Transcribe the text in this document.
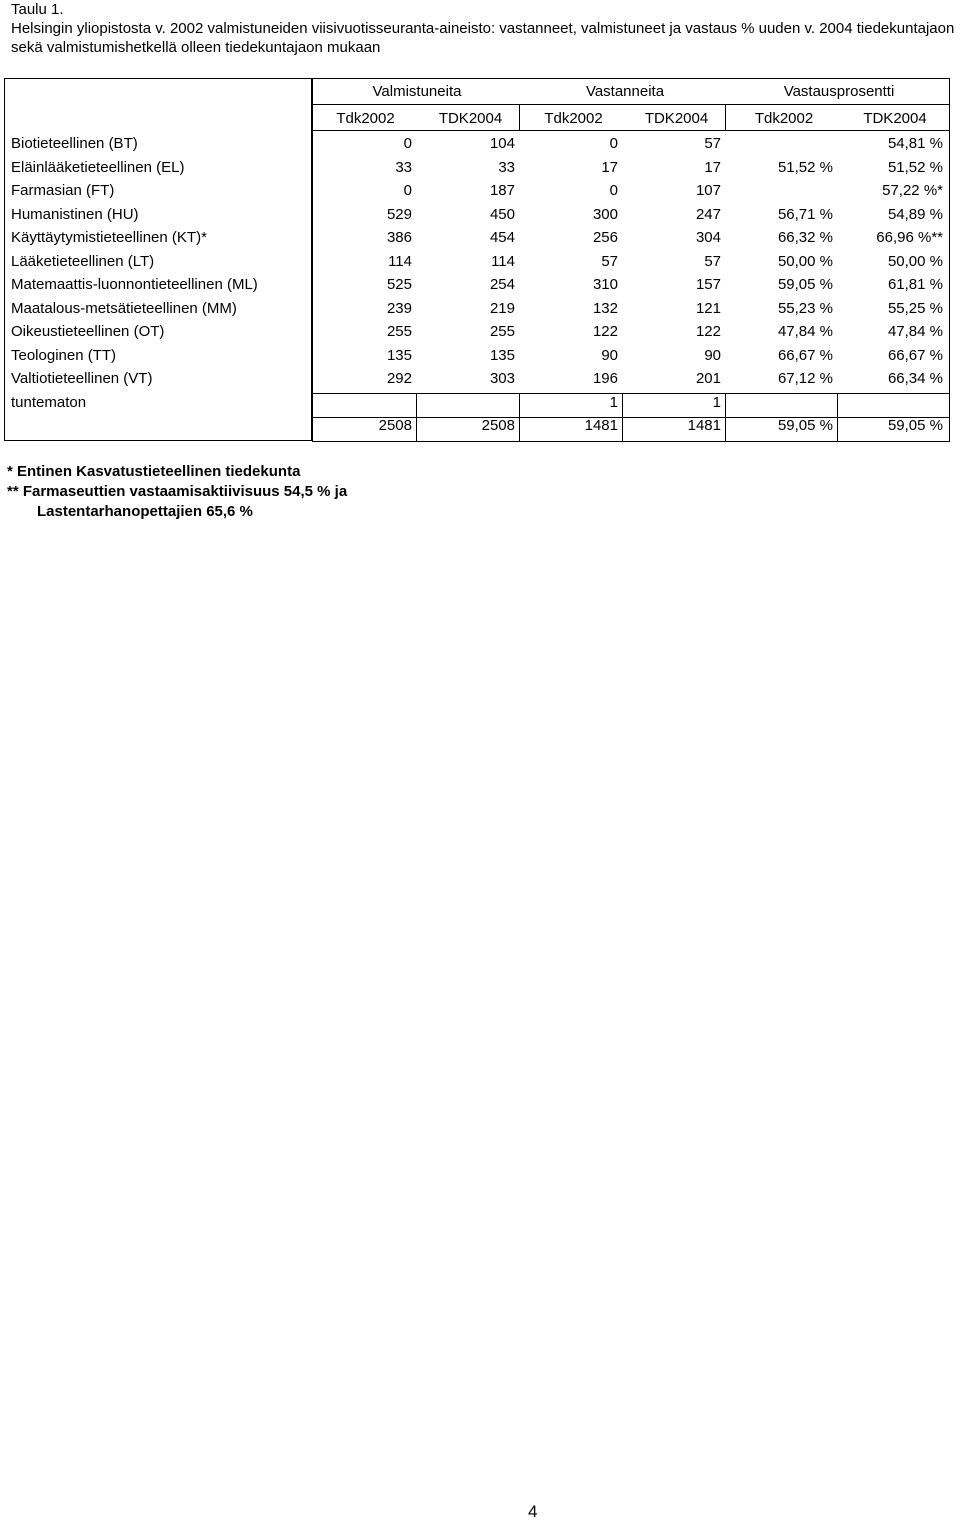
Taulu 1.
Helsingin yliopistosta v. 2002 valmistuneiden viisivuotisseuranta-aineisto: vastanneet, valmistuneet ja vastaus % uuden v. 2004 tiedekuntajaon sekä valmistumishetkellä olleen tiedekuntajaon mukaan
	Valmistuneita		Vastanneita		Vastausprosentti	
	Tdk2002	TDK2004	Tdk2002	TDK2004	Tdk2002	TDK2004
Biotieteellinen (BT)	0	104	0	57		54,81 %
Eläinlääketieteellinen (EL)	33	33	17	17	51,52 %	51,52 %
Farmasian (FT)	0	187	0	107		57,22 %*
Humanistinen (HU)	529	450	300	247	56,71 %	54,89 %
Käyttäytymistieteellinen (KT)*	386	454	256	304	66,32 %	66,96 %**
Lääketieteellinen (LT)	114	114	57	57	50,00 %	50,00 %
Matemaattis-luonnontieteellinen (ML)	525	254	310	157	59,05 %	61,81 %
Maatalous-metsätieteellinen (MM)	239	219	132	121	55,23 %	55,25 %
Oikeustieteellinen (OT)	255	255	122	122	47,84 %	47,84 %
Teologinen (TT)	135	135	90	90	66,67 %	66,67 %
Valtiotieteellinen (VT)	292	303	196	201	67,12 %	66,34 %
tuntematon			1	1		
	2508	2508	1481	1481	59,05 %	59,05 %
* Entinen Kasvatustieteellinen tiedekunta
** Farmaseuttien vastaamisaktiivisuus 54,5 % ja
Lastentarhanopettajien 65,6 %
4
